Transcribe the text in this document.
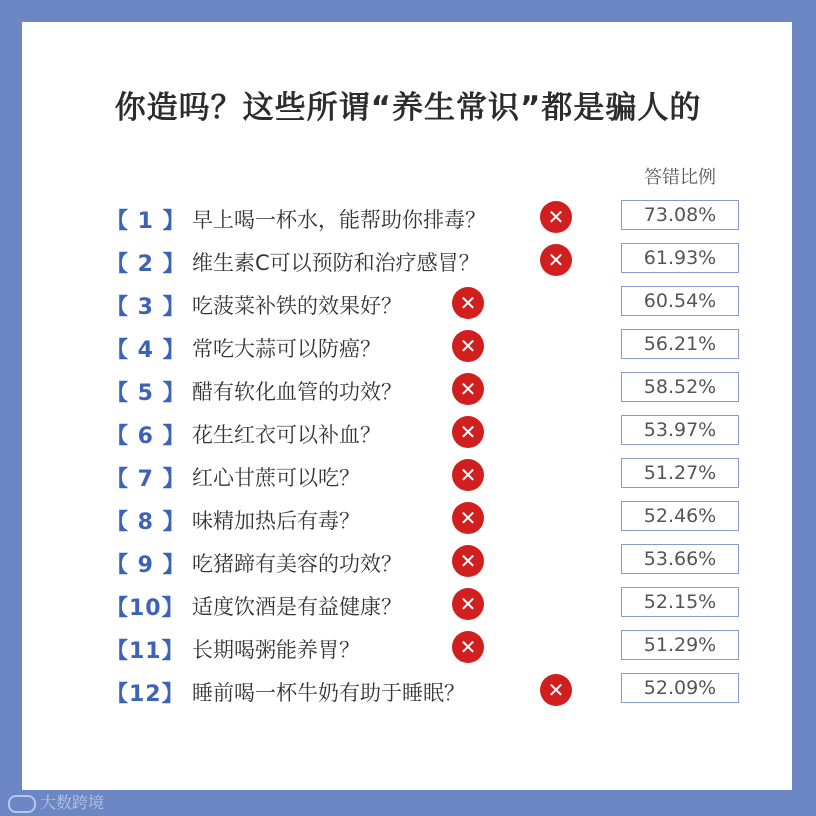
你造吗？这些所谓“养生常识”都是骗人的
答错比例
【 1 】 早上喝一杯水，能帮助你排毒？	✕	73.08%
【 2 】 维生素C可以预防和治疗感冒？	✕	61.93%
【 3 】 吃菠菜补铁的效果好？	✕	60.54%
【 4 】 常吃大蒜可以防癌？	✕	56.21%
【 5 】 醋有软化血管的功效？	✕	58.52%
【 6 】 花生红衣可以补血？	✕	53.97%
【 7 】 红心甘蔗可以吃？	✕	51.27%
【 8 】 味精加热后有毒？	✕	52.46%
【 9 】 吃猪蹄有美容的功效？	✕	53.66%
【10】 适度饮酒是有益健康？	✕	52.15%
【11】 长期喝粥能养胃？	✕	51.29%
【12】 睡前喝一杯牛奶有助于睡眠？	✕	52.09%
大数跨境
